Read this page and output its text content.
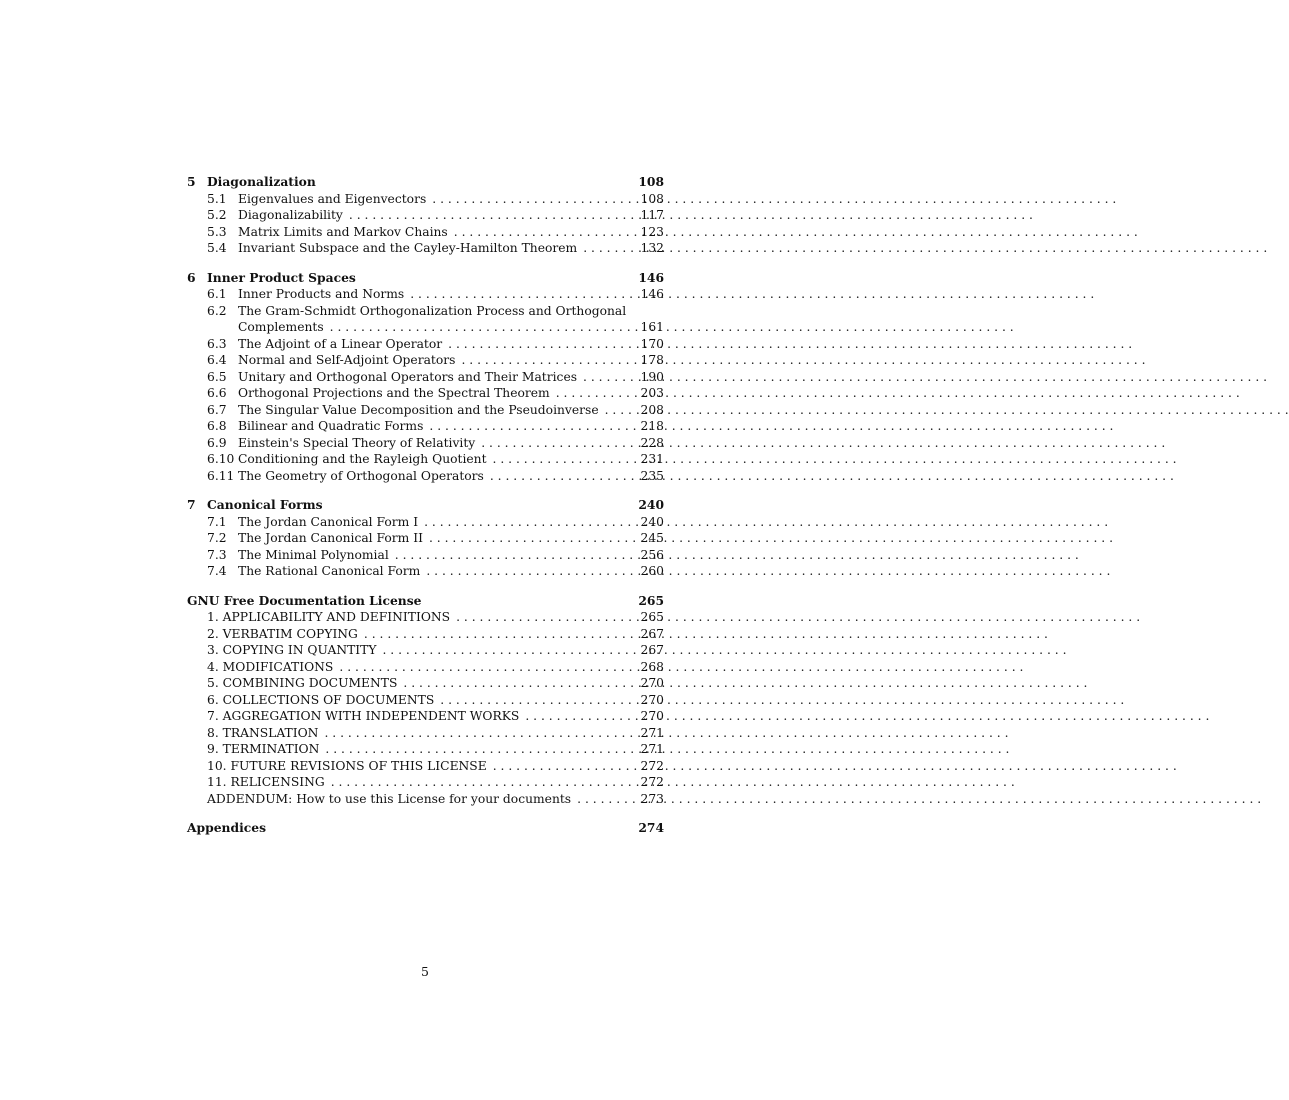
5 Diagonalization	108
5.1 Eigenvalues and Eigenvectors . . .	108
5.2 Diagonalizability . . .	117
5.3 Matrix Limits and Markov Chains . . .	123
5.4 Invariant Subspace and the Cayley-Hamilton Theorem . . .	132
6 Inner Product Spaces	146
6.1 Inner Products and Norms . . .	146
6.2 The Gram-Schmidt Orthogonalization Process and Orthogonal
Complements . . .	161
6.3 The Adjoint of a Linear Operator . . .	170
6.4 Normal and Self-Adjoint Operators . . .	178
6.5 Unitary and Orthogonal Operators and Their Matrices . . .	190
6.6 Orthogonal Projections and the Spectral Theorem . . .	203
6.7 The Singular Value Decomposition and the Pseudoinverse . . .	208
6.8 Bilinear and Quadratic Forms . . .	218
6.9 Einstein's Special Theory of Relativity . . .	228
6.10 Conditioning and the Rayleigh Quotient . . .	231
6.11 The Geometry of Orthogonal Operators . . .	235
7 Canonical Forms	240
7.1 The Jordan Canonical Form I . . .	240
7.2 The Jordan Canonical Form II . . .	245
7.3 The Minimal Polynomial . . .	256
7.4 The Rational Canonical Form . . .	260
GNU Free Documentation License	265
1. APPLICABILITY AND DEFINITIONS . . .	265
2. VERBATIM COPYING . . .	267
3. COPYING IN QUANTITY . . .	267
4. MODIFICATIONS . . .	268
5. COMBINING DOCUMENTS . . .	270
6. COLLECTIONS OF DOCUMENTS . . .	270
7. AGGREGATION WITH INDEPENDENT WORKS . . .	270
8. TRANSLATION . . .	271
9. TERMINATION . . .	271
10. FUTURE REVISIONS OF THIS LICENSE . . .	272
11. RELICENSING . . .	272
ADDENDUM: How to use this License for your documents . . .	273
Appendices	274
5
